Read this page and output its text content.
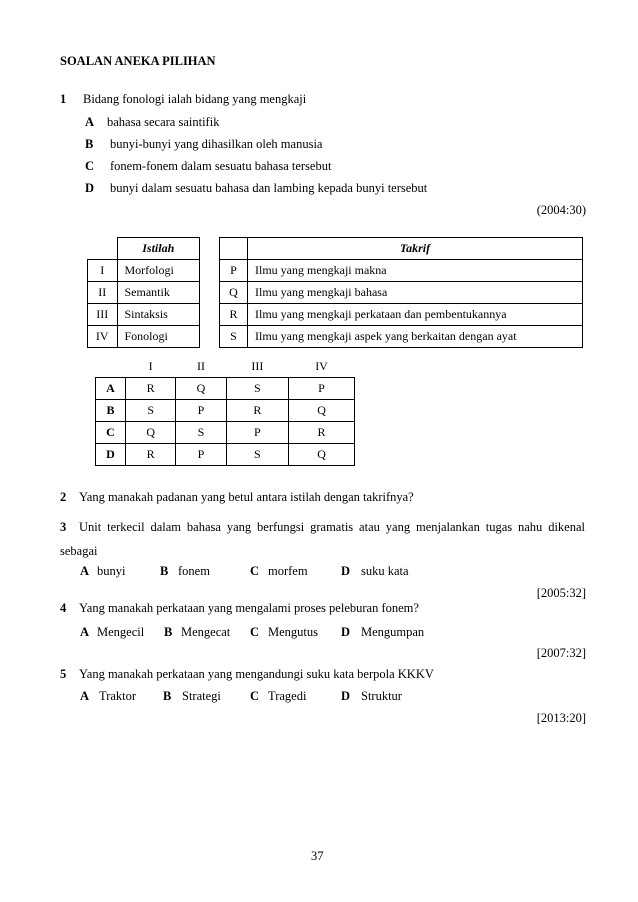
SOALAN ANEKA PILIHAN
1 Bidang fonologi ialah bidang yang mengkaji
A bahasa secara saintifik
B bunyi-bunyi yang dihasilkan oleh manusia
C fonem-fonem dalam sesuatu bahasa tersebut
D bunyi dalam sesuatu bahasa dan lambing kepada bunyi tersebut
(2004:30)
	Istilah
I	Morfologi
II	Semantik
III	Sintaksis
IV	Fonologi
	Takrif
P	Ilmu yang mengkaji makna
Q	Ilmu yang mengkaji bahasa
R	Ilmu yang mengkaji perkataan dan pembentukannya
S	Ilmu yang mengkaji aspek yang berkaitan dengan ayat
	I	II	III	IV
A	R	Q	S	P
B	S	P	R	Q
C	Q	S	P	R
D	R	P	S	Q
2 Yang manakah padanan yang betul antara istilah dengan takrifnya?
3 Unit terkecil dalam bahasa yang berfungsi gramatis atau yang menjalankan tugas nahu dikenal
sebagai
A bunyi	B fonem	C morfem	D suku kata
[2005:32]
4 Yang manakah perkataan yang mengalami proses peleburan fonem?
A Mengecil B Mengecat C Mengutus D Mengumpan
[2007:32]
5 Yang manakah perkataan yang mengandungi suku kata berpola KKKV
A Traktor B Strategi C Tragedi	D Struktur
[2013:20]
37
